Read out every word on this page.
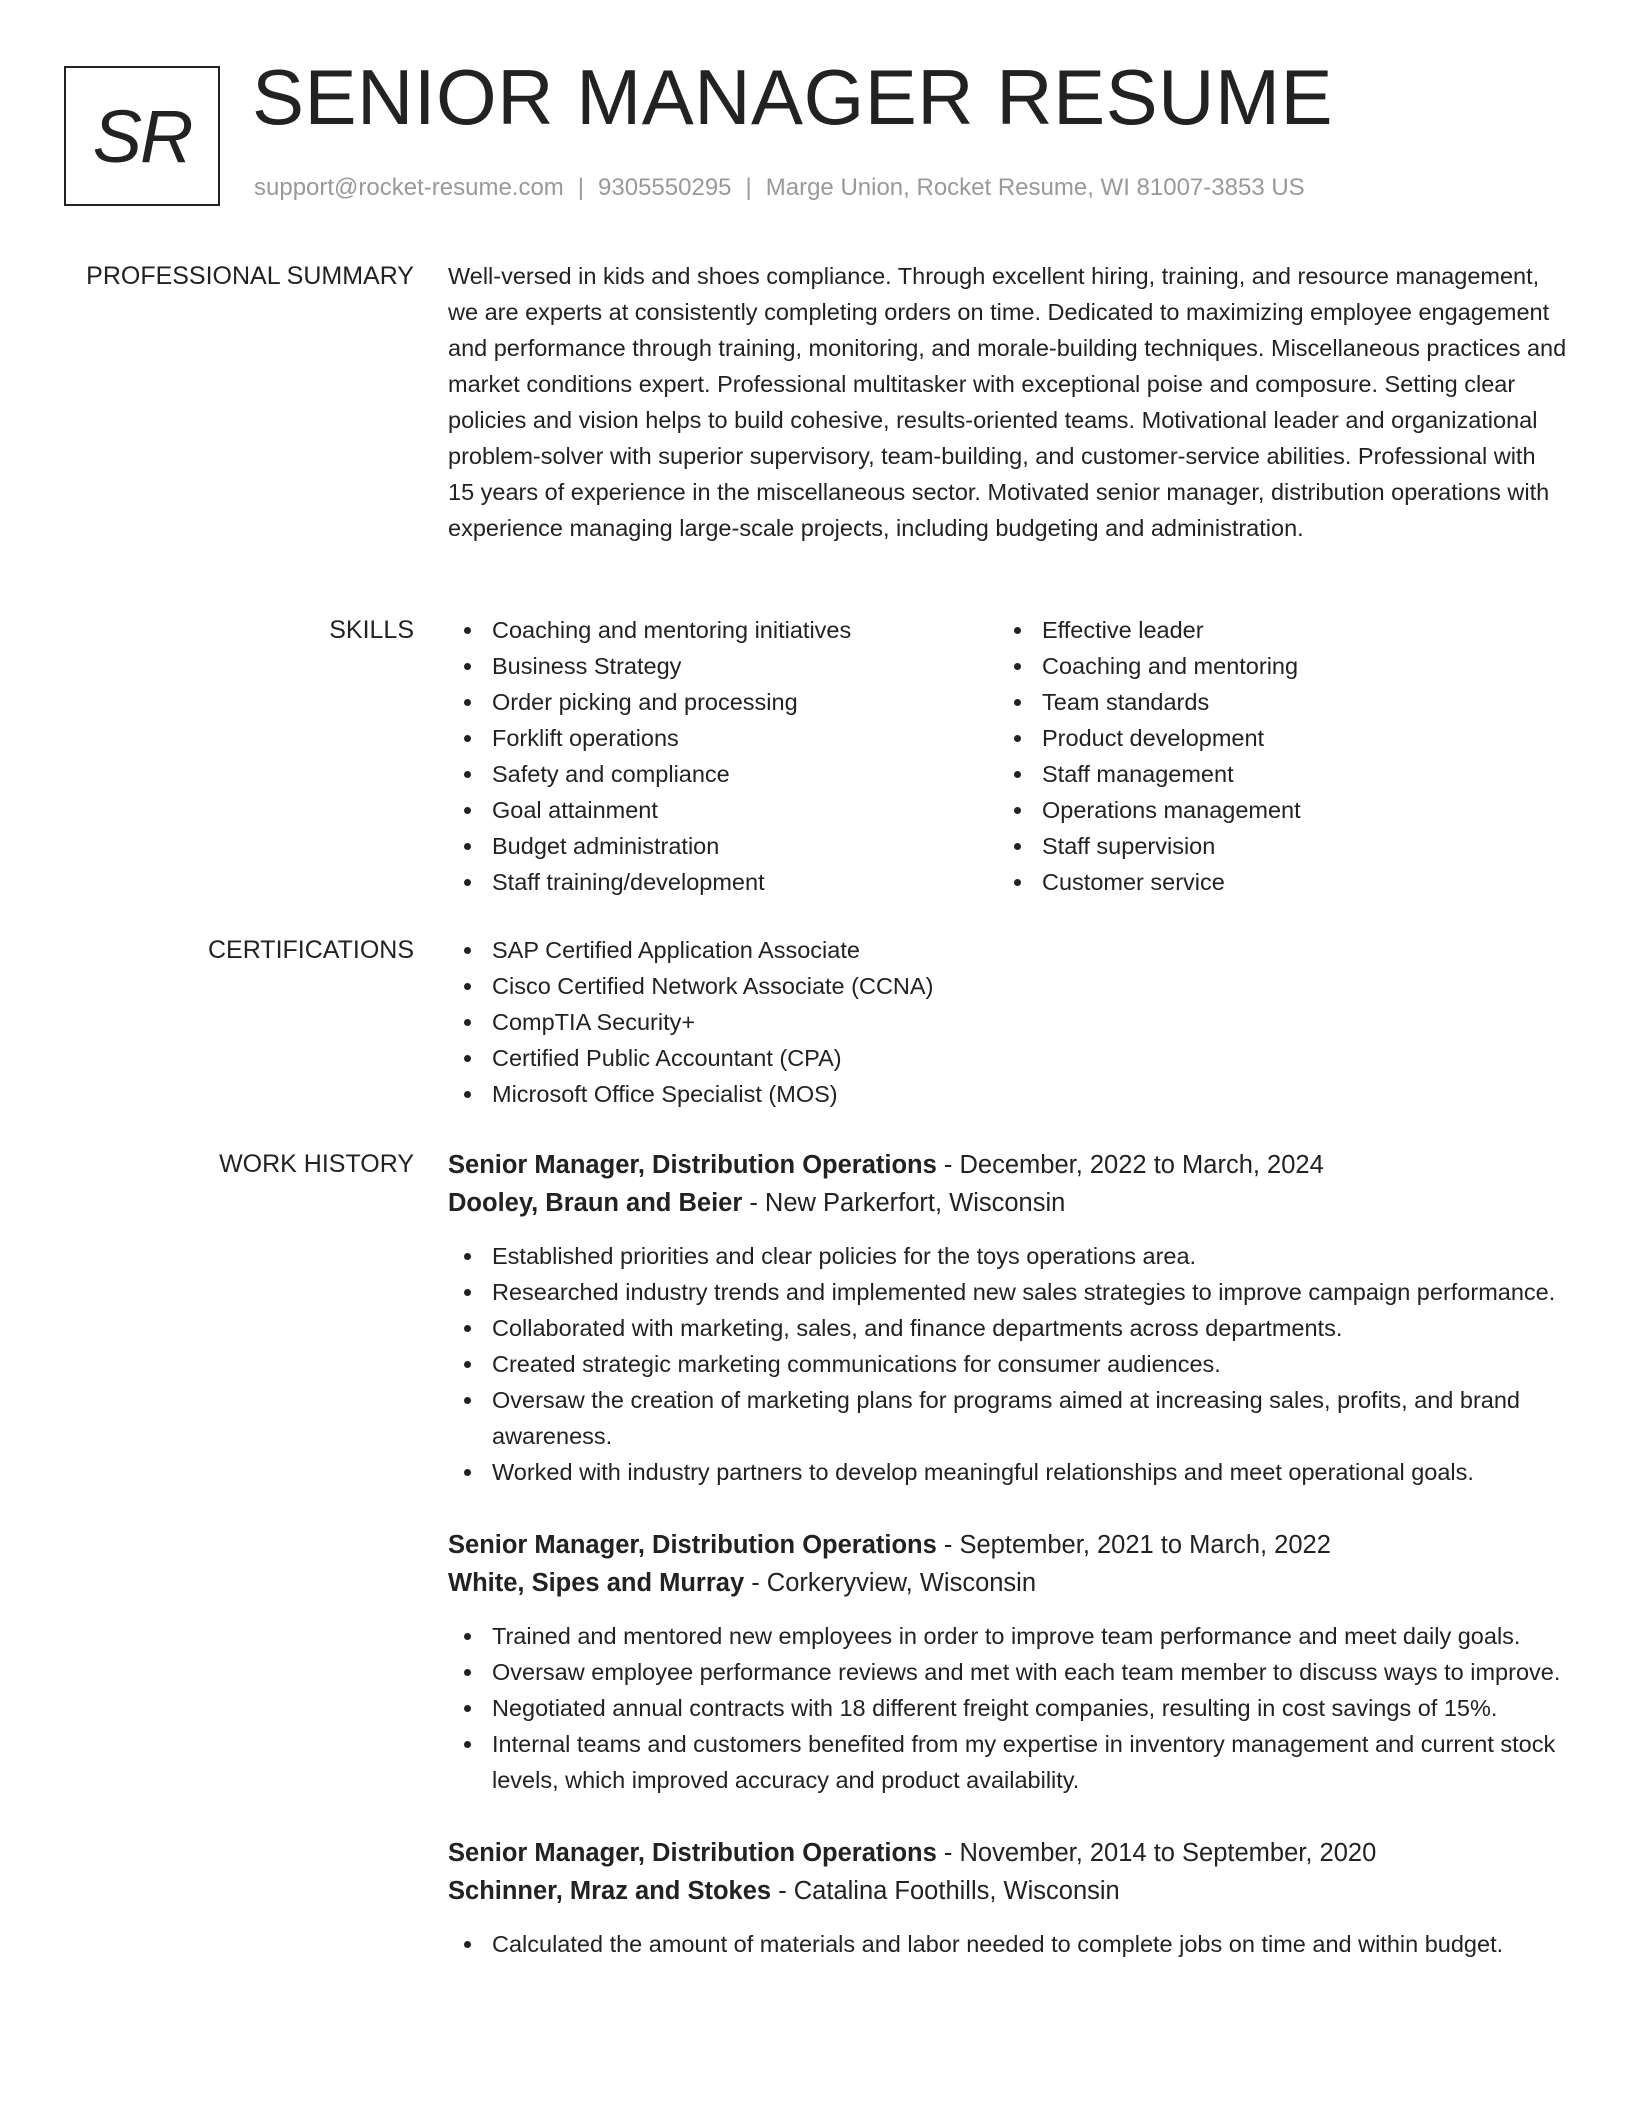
SR SENIOR MANAGER RESUME
support@rocket-resume.com | 9305550295 | Marge Union, Rocket Resume, WI 81007-3853 US
PROFESSIONAL SUMMARY Well-versed in kids and shoes compliance. Through excellent hiring, training, and resource management, we are experts at consistently completing orders on time. Dedicated to maximizing employee engagement and performance through training, monitoring, and morale-building techniques. Miscellaneous practices and market conditions expert. Professional multitasker with exceptional poise and composure. Setting clear policies and vision helps to build cohesive, results-oriented teams. Motivational leader and organizational problem-solver with superior supervisory, team-building, and customer-service abilities. Professional with 15 years of experience in the miscellaneous sector. Motivated senior manager, distribution operations with experience managing large-scale projects, including budgeting and administration.

SKILLS	Coaching and mentoring initiatives
Business Strategy
Order picking and processing
Forklift operations
Safety and compliance
Goal attainment
Budget administration
Staff training/development
Effective leader
Coaching and mentoring
Team standards
Product development
Staff management
Operations management
Staff supervision
Customer service
CERTIFICATIONS	SAP Certified Application Associate
Cisco Certified Network Associate (CCNA)
CompTIA Security+
Certified Public Accountant (CPA)
Microsoft Office Specialist (MOS)
WORK HISTORY Senior Manager, Distribution Operations - December, 2022 to March, 2024
Dooley, Braun and Beier - New Parkerfort, Wisconsin
Established priorities and clear policies for the toys operations area.
Researched industry trends and implemented new sales strategies to improve campaign performance.
Collaborated with marketing, sales, and finance departments across departments.
Created strategic marketing communications for consumer audiences.
Oversaw the creation of marketing plans for programs aimed at increasing sales, profits, and brand awareness.
Worked with industry partners to develop meaningful relationships and meet operational goals.
Senior Manager, Distribution Operations - September, 2021 to March, 2022
White, Sipes and Murray - Corkeryview, Wisconsin
Trained and mentored new employees in order to improve team performance and meet daily goals.
Oversaw employee performance reviews and met with each team member to discuss ways to improve.
Negotiated annual contracts with 18 different freight companies, resulting in cost savings of 15%.
Internal teams and customers benefited from my expertise in inventory management and current stock levels, which improved accuracy and product availability.
Senior Manager, Distribution Operations - November, 2014 to September, 2020
Schinner, Mraz and Stokes - Catalina Foothills, Wisconsin
Calculated the amount of materials and labor needed to complete jobs on time and within budget.
